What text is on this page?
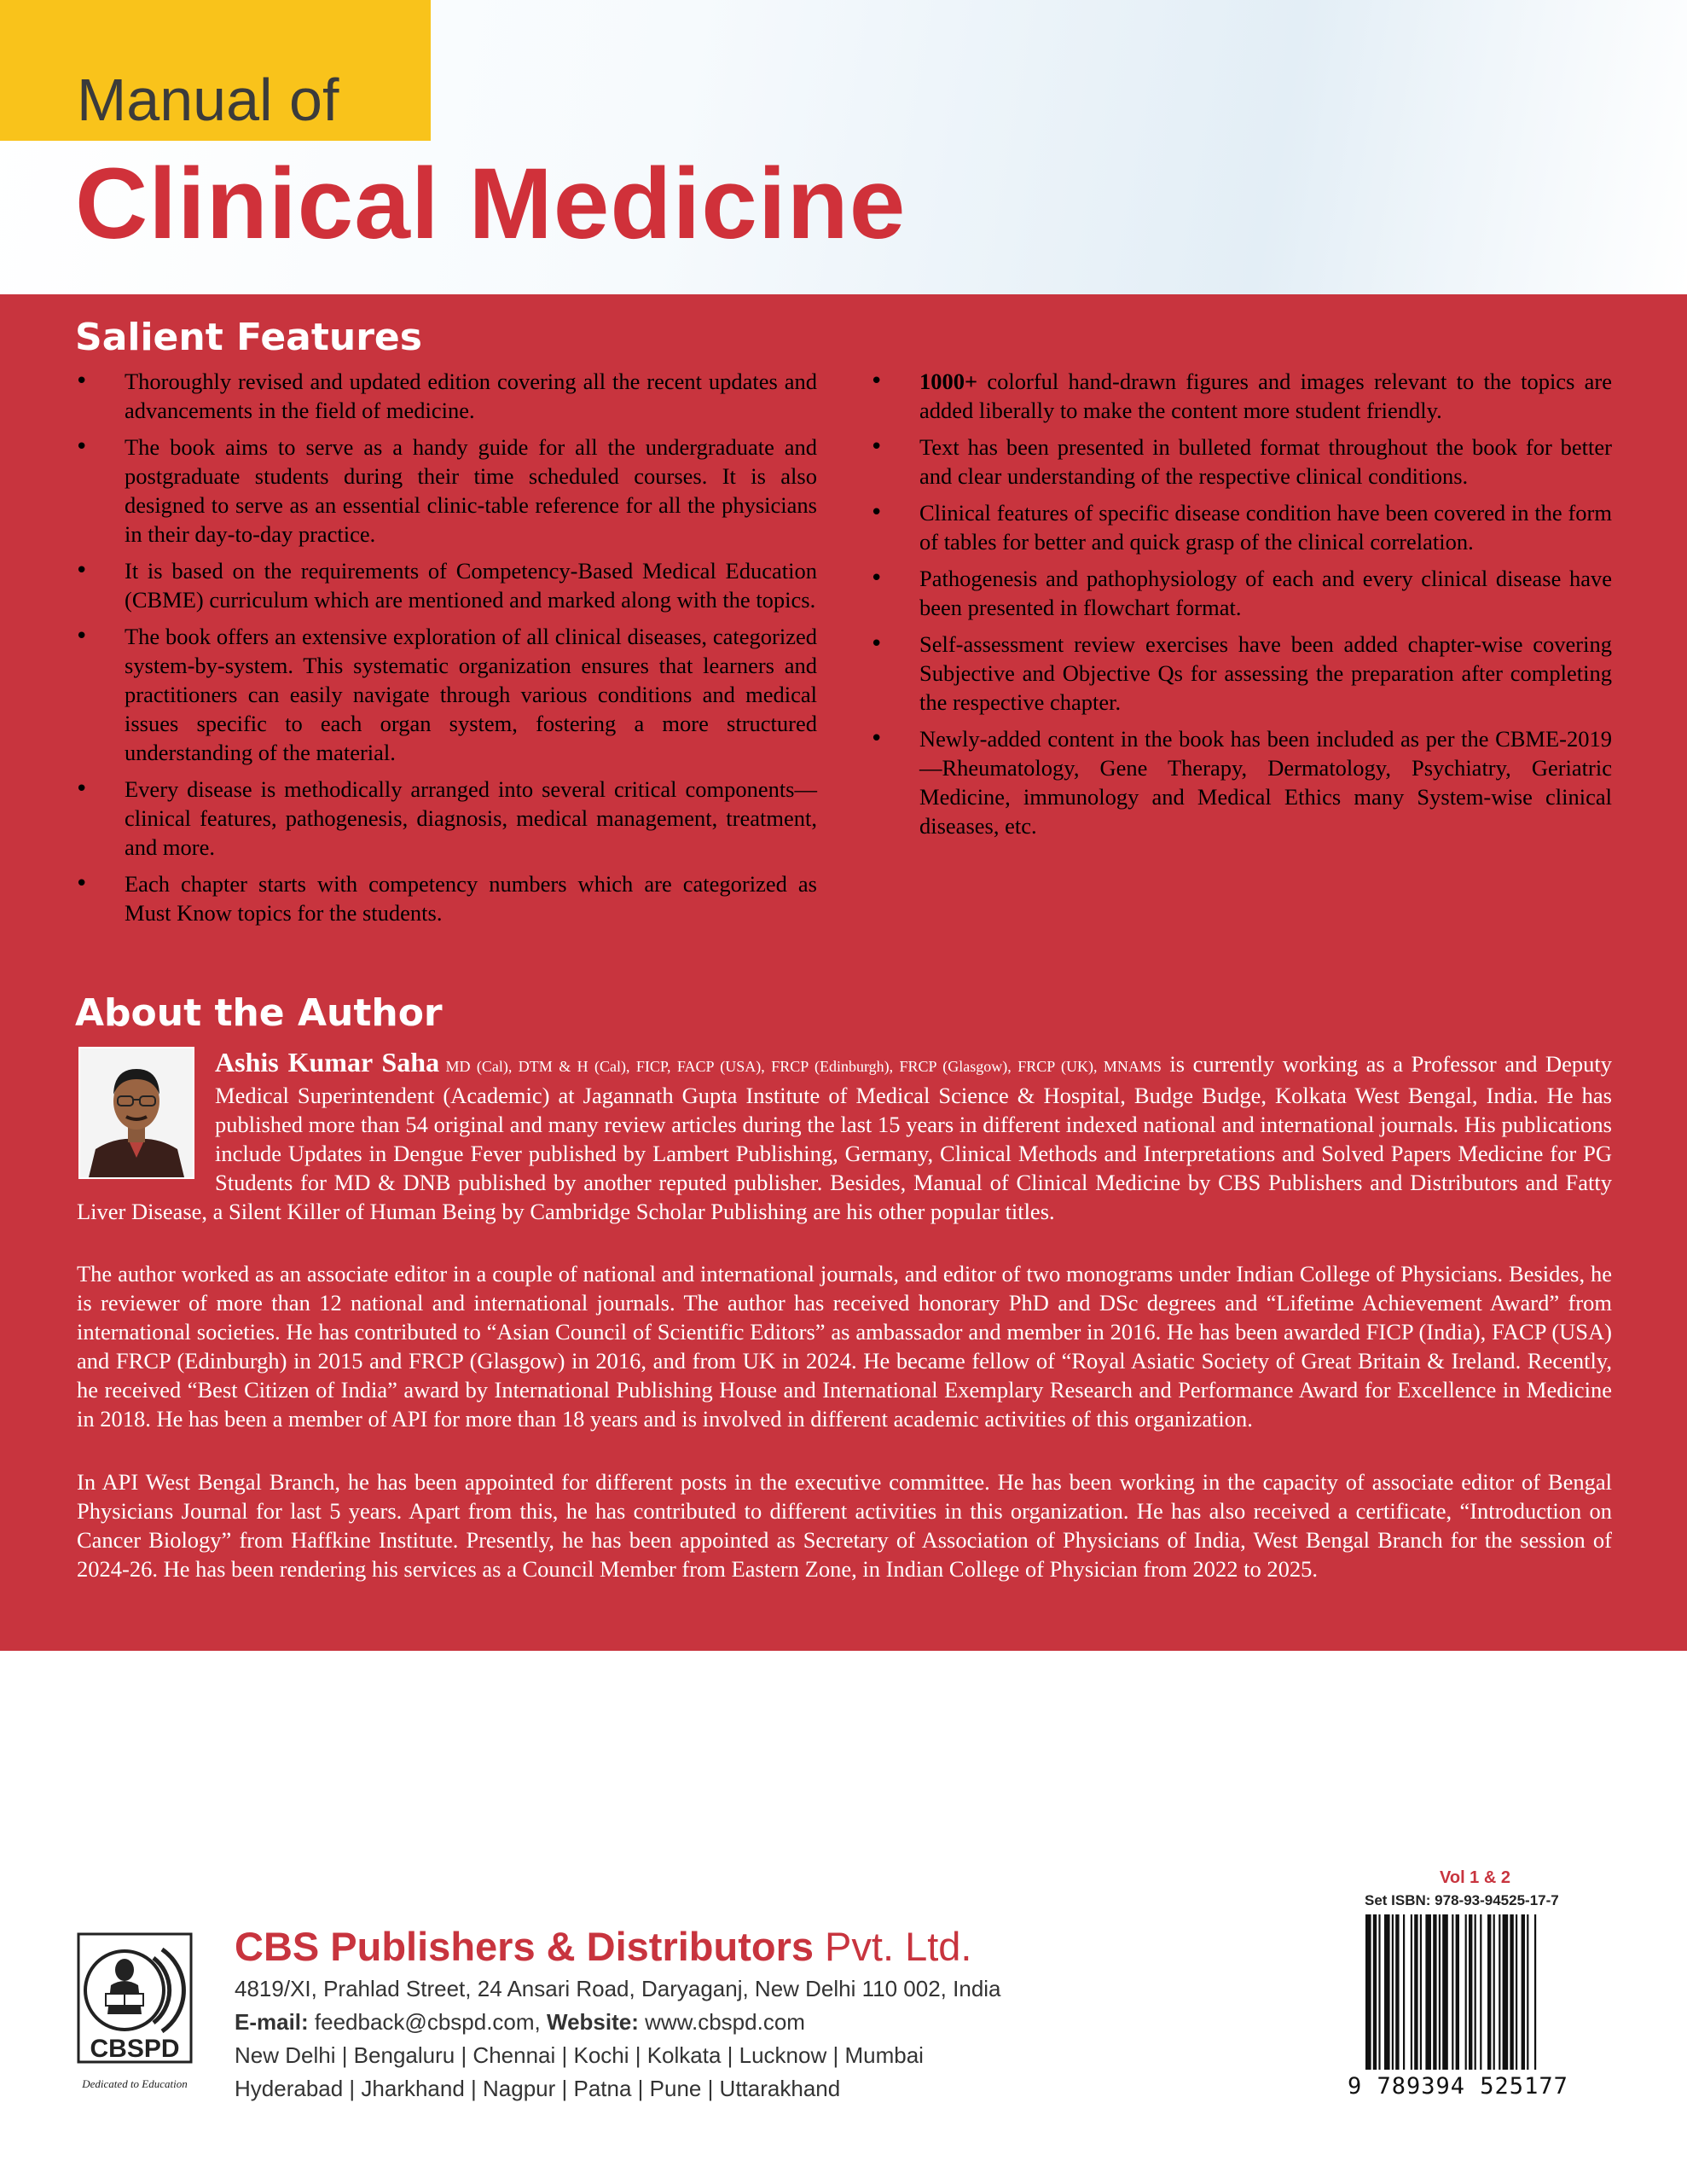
Manual of
Clinical Medicine
Salient Features
• Thoroughly revised and updated edition covering all the recent updates and advancements in the field of medicine.
• The book aims to serve as a handy guide for all the undergraduate and postgraduate students during their time scheduled courses. It is also designed to serve as an essential clinic-table reference for all the physicians in their day-to-day practice.
• It is based on the requirements of Competency-Based Medical Education (CBME) curriculum which are mentioned and marked along with the topics.
• The book offers an extensive exploration of all clinical diseases, categorized system-by-system. This systematic organization ensures that learners and practitioners can easily navigate through various conditions and medical issues specific to each organ system, fostering a more structured understanding of the material.
• Every disease is methodically arranged into several critical components—clinical features, pathogenesis, diagnosis, medical management, treatment, and more.
• Each chapter starts with competency numbers which are categorized as Must Know topics for the students.
• 1000+ colorful hand-drawn figures and images relevant to the topics are added liberally to make the content more student friendly.
• Text has been presented in bulleted format throughout the book for better and clear understanding of the respective clinical conditions.
• Clinical features of specific disease condition have been covered in the form of tables for better and quick grasp of the clinical correlation.
• Pathogenesis and pathophysiology of each and every clinical disease have been presented in flowchart format.
• Self-assessment review exercises have been added chapter-wise covering Subjective and Objective Qs for assessing the preparation after completing the respective chapter.
• Newly-added content in the book has been included as per the CBME-2019—Rheumatology, Gene Therapy, Dermatology, Psychiatry, Geriatric Medicine, immunology and Medical Ethics many System-wise clinical diseases, etc.
About the Author
Ashis Kumar Saha MD (Cal), DTM & H (Cal), FICP, FACP (USA), FRCP (Edinburgh), FRCP (Glasgow), FRCP (UK), MNAMS is currently working as a Professor and Deputy Medical Superintendent (Academic) at Jagannath Gupta Institute of Medical Science & Hospital, Budge Budge, Kolkata West Bengal, India. He has published more than 54 original and many review articles during the last 15 years in different indexed national and international journals. His publications include Updates in Dengue Fever published by Lambert Publishing, Germany, Clinical Methods and Interpretations and Solved Papers Medicine for PG Students for MD & DNB published by another reputed publisher. Besides, Manual of Clinical Medicine by CBS Publishers and Distributors and Fatty Liver Disease, a Silent Killer of Human Being by Cambridge Scholar Publishing are his other popular titles.
The author worked as an associate editor in a couple of national and international journals, and editor of two monograms under Indian College of Physicians. Besides, he is reviewer of more than 12 national and international journals. The author has received honorary PhD and DSc degrees and “Lifetime Achievement Award” from international societies. He has contributed to “Asian Council of Scientific Editors” as ambassador and member in 2016. He has been awarded FICP (India), FACP (USA) and FRCP (Edinburgh) in 2015 and FRCP (Glasgow) in 2016, and from UK in 2024. He became fellow of “Royal Asiatic Society of Great Britain & Ireland. Recently, he received “Best Citizen of India” award by International Publishing House and International Exemplary Research and Performance Award for Excellence in Medicine in 2018. He has been a member of API for more than 18 years and is involved in different academic activities of this organization.
In API West Bengal Branch, he has been appointed for different posts in the executive committee. He has been working in the capacity of associate editor of Bengal Physicians Journal for last 5 years. Apart from this, he has contributed to different activities in this organization. He has also received a certificate, “Introduction on Cancer Biology” from Haffkine Institute. Presently, he has been appointed as Secretary of Association of Physicians of India, West Bengal Branch for the session of 2024-26. He has been rendering his services as a Council Member from Eastern Zone, in Indian College of Physician from 2022 to 2025.
Vol 1 & 2
Set ISBN: 978-93-94525-17-7
9 789394 525177
CBSPD
Dedicated to Education
CBS Publishers & Distributors Pvt. Ltd.
4819/XI, Prahlad Street, 24 Ansari Road, Daryaganj, New Delhi 110 002, India
E-mail: feedback@cbspd.com, Website: www.cbspd.com
New Delhi | Bengaluru | Chennai | Kochi | Kolkata | Lucknow | Mumbai
Hyderabad | Jharkhand | Nagpur | Patna | Pune | Uttarakhand
